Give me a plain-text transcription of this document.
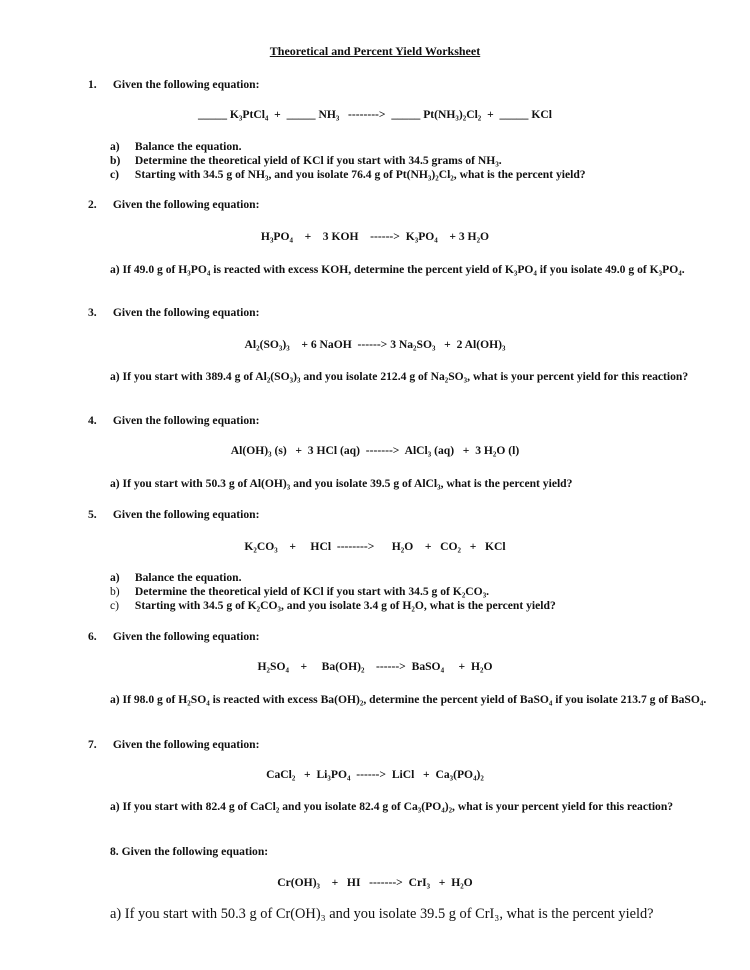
Theoretical and Percent Yield Worksheet
1. Given the following equation:
_____ K₃PtCl₄  +  _____ NH₃   -------->  _____ Pt(NH₃)₂Cl₂  +  _____ KCl
a) Balance the equation.
b) Determine the theoretical yield of KCl if you start with 34.5 grams of NH₃.
c) Starting with 34.5 g of NH₃, and you isolate 76.4 g of Pt(NH₃)₂Cl₂, what is the percent yield?
2. Given the following equation:
H₃PO₄    +    3 KOH    ------>  K₃PO₄    + 3 H₂O
a) If 49.0 g of H₃PO₄ is reacted with excess KOH, determine the percent yield of K₃PO₄ if you isolate 49.0 g of K₃PO₄.
3. Given the following equation:
Al₂(SO₃)₃    + 6 NaOH  ------> 3 Na₂SO₃   +  2 Al(OH)₃
a) If you start with 389.4 g of Al₂(SO₃)₃ and you isolate 212.4 g of Na₂SO₃, what is your percent yield for this reaction?
4. Given the following equation:
Al(OH)₃ (s)   +  3 HCl (aq)  ------->  AlCl₃ (aq)   +  3 H₂O (l)
a) If you start with 50.3 g of Al(OH)₃ and you isolate 39.5 g of AlCl₃, what is the percent yield?
5. Given the following equation:
K₂CO₃    +     HCl  -------->      H₂O    +   CO₂   +   KCl
a) Balance the equation.
b) Determine the theoretical yield of KCl if you start with 34.5 g of K₂CO₃.
c) Starting with 34.5 g of K₂CO₃, and you isolate 3.4 g of H₂O, what is the percent yield?
6. Given the following equation:
H₂SO₄    +     Ba(OH)₂    ------>  BaSO₄     +  H₂O
a) If 98.0 g of H₂SO₄ is reacted with excess Ba(OH)₂, determine the percent yield of BaSO₄ if you isolate 213.7 g of BaSO₄.
7. Given the following equation:
CaCl₂   +  Li₃PO₄  ------>  LiCl   +  Ca₃(PO₄)₂
a) If you start with 82.4 g of CaCl₂ and you isolate 82.4 g of Ca₃(PO₄)₂, what is your percent yield for this reaction?
8. Given the following equation:
Cr(OH)₃    +   HI   ------->  CrI₃   +  H₂O
a) If you start with 50.3 g of Cr(OH)₃ and you isolate 39.5 g of CrI₃, what is the percent yield?
